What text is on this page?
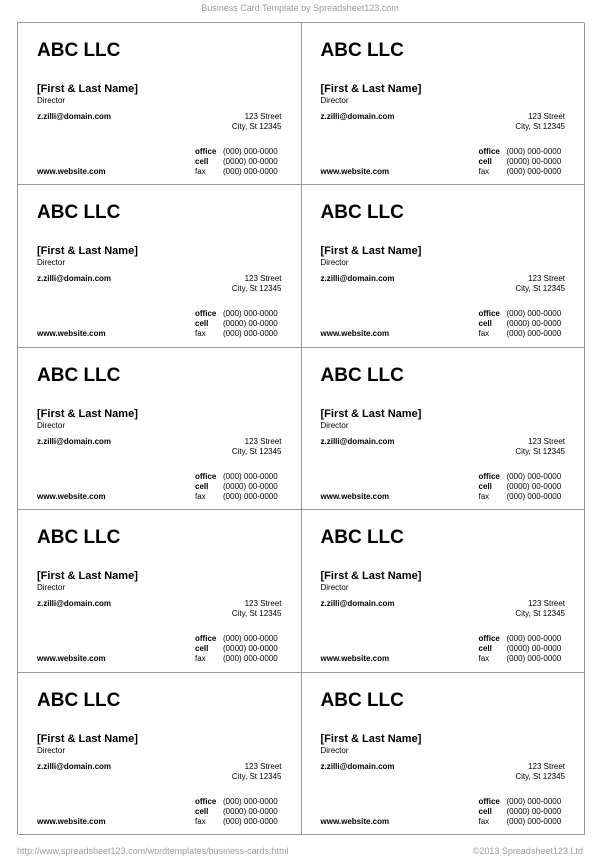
Business Card Template by Spreadsheet123.com
ABC LLC
[First & Last Name]
Director
z.zilli@domain.com	123 Street
City, St 12345
office	(000) 000-0000
cell	(0000) 00-0000
fax	(000) 000-0000
www.website.com
ABC LLC
[First & Last Name]
Director
z.zilli@domain.com	123 Street
City, St 12345
office	(000) 000-0000
cell	(0000) 00-0000
fax	(000) 000-0000
www.website.com
ABC LLC
[First & Last Name]
Director
z.zilli@domain.com	123 Street
City, St 12345
office	(000) 000-0000
cell	(0000) 00-0000
fax	(000) 000-0000
www.website.com
ABC LLC
[First & Last Name]
Director
z.zilli@domain.com	123 Street
City, St 12345
office	(000) 000-0000
cell	(0000) 00-0000
fax	(000) 000-0000
www.website.com
ABC LLC
[First & Last Name]
Director
z.zilli@domain.com	123 Street
City, St 12345
office	(000) 000-0000
cell	(0000) 00-0000
fax	(000) 000-0000
www.website.com
ABC LLC
[First & Last Name]
Director
z.zilli@domain.com	123 Street
City, St 12345
office	(000) 000-0000
cell	(0000) 00-0000
fax	(000) 000-0000
www.website.com
ABC LLC
[First & Last Name]
Director
z.zilli@domain.com	123 Street
City, St 12345
office	(000) 000-0000
cell	(0000) 00-0000
fax	(000) 000-0000
www.website.com
ABC LLC
[First & Last Name]
Director
z.zilli@domain.com	123 Street
City, St 12345
office	(000) 000-0000
cell	(0000) 00-0000
fax	(000) 000-0000
www.website.com
ABC LLC
[First & Last Name]
Director
z.zilli@domain.com	123 Street
City, St 12345
office	(000) 000-0000
cell	(0000) 00-0000
fax	(000) 000-0000
www.website.com
ABC LLC
[First & Last Name]
Director
z.zilli@domain.com	123 Street
City, St 12345
office	(000) 000-0000
cell	(0000) 00-0000
fax	(000) 000-0000
www.website.com
http://www.spreadsheet123.com/wordtemplates/business-cards.html	©2013 Spreadsheet123 Ltd
